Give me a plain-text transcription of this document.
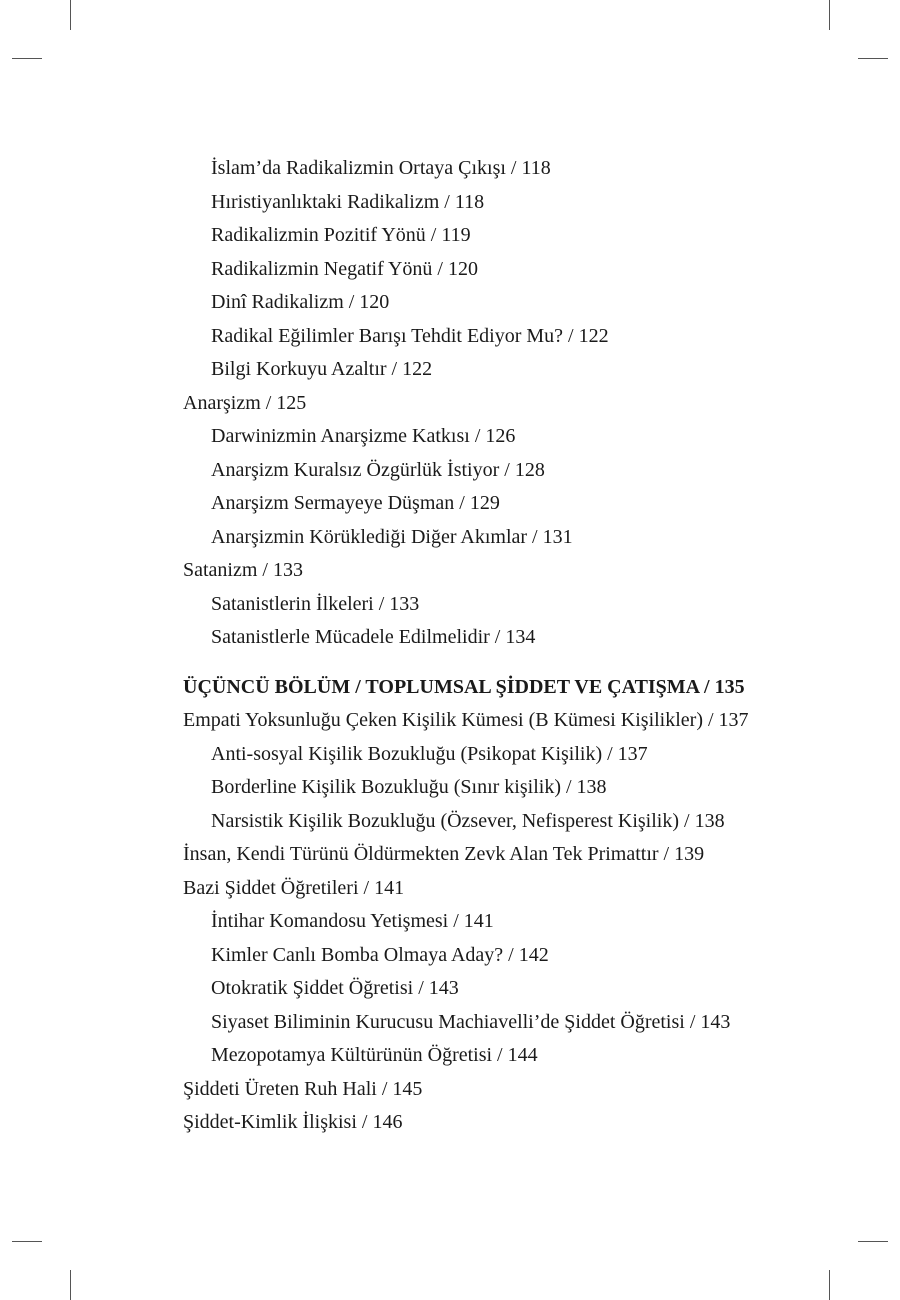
İslam’da Radikalizmin Ortaya Çıkışı / 118
Hıristiyanlıktaki Radikalizm / 118
Radikalizmin Pozitif Yönü / 119
Radikalizmin Negatif Yönü / 120
Dinî Radikalizm / 120
Radikal Eğilimler Barışı Tehdit Ediyor Mu? / 122
Bilgi Korkuyu Azaltır / 122
Anarşizm / 125
Darwinizmin Anarşizme Katkısı / 126
Anarşizm Kuralsız Özgürlük İstiyor / 128
Anarşizm Sermayeye Düşman / 129
Anarşizmin Körüklediği Diğer Akımlar / 131
Satanizm / 133
Satanistlerin İlkeleri / 133
Satanistlerle Mücadele Edilmelidir / 134
ÜÇÜNCÜ BÖLÜM / TOPLUMSAL ŞİDDET VE ÇATIŞMA / 135
Empati Yoksunluğu Çeken Kişilik Kümesi (B Kümesi Kişilikler) / 137
Anti-sosyal Kişilik Bozukluğu (Psikopat Kişilik) / 137
Borderline Kişilik Bozukluğu (Sınır kişilik) / 138
Narsistik Kişilik Bozukluğu (Özsever, Nefisperest Kişilik) / 138
İnsan, Kendi Türünü Öldürmekten Zevk Alan Tek Primattır / 139
Bazi Şiddet Öğretileri / 141
İntihar Komandosu Yetişmesi / 141
Kimler Canlı Bomba Olmaya Aday? / 142
Otokratik Şiddet Öğretisi / 143
Siyaset Biliminin Kurucusu Machiavelli’de Şiddet Öğretisi / 143
Mezopotamya Kültürünün Öğretisi / 144
Şiddeti Üreten Ruh Hali / 145
Şiddet-Kimlik İlişkisi / 146
